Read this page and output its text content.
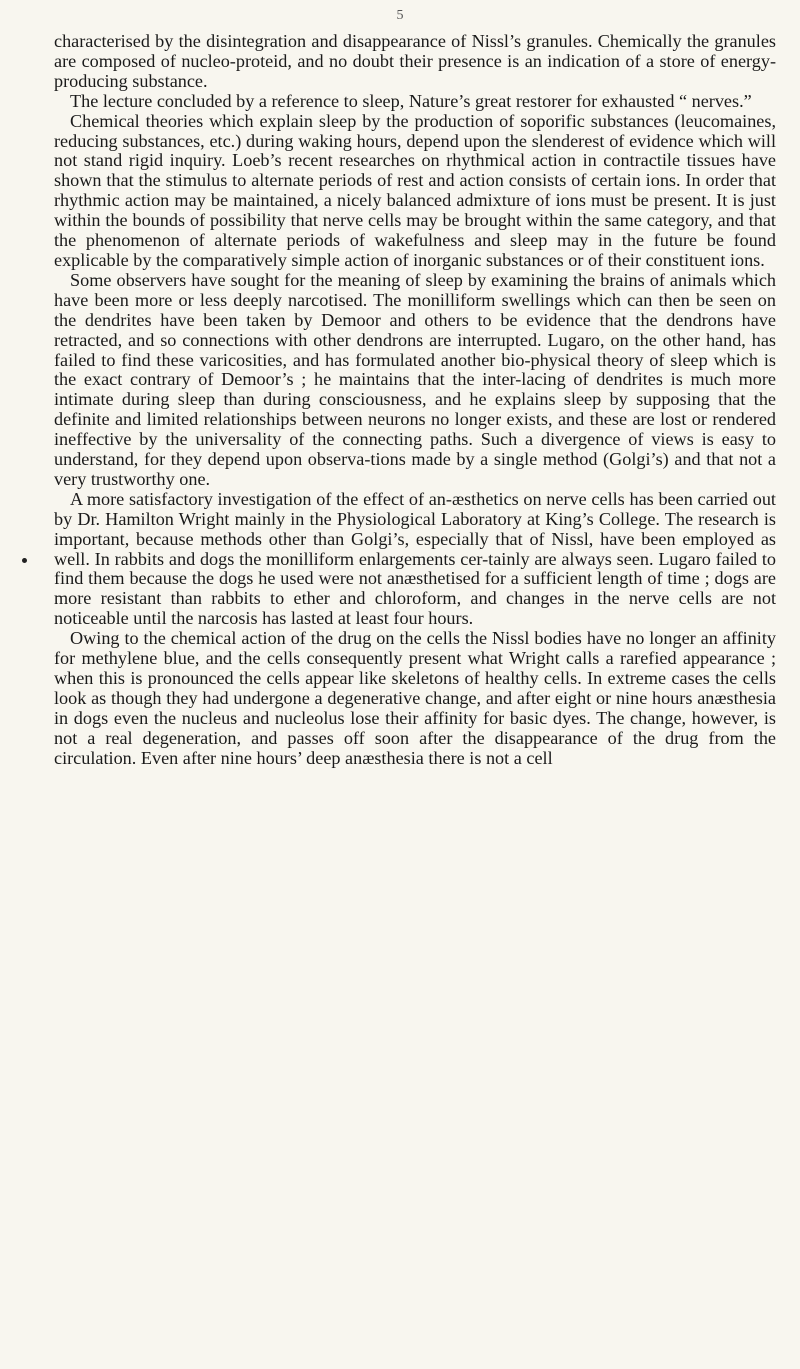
5

characterised by the disintegration and disappearance of Nissl’s granules. Chemically the granules are composed of nucleo-proteid, and no doubt their presence is an indication of a store of energy-producing substance.

The lecture concluded by a reference to sleep, Nature’s great restorer for exhausted “ nerves.”

Chemical theories which explain sleep by the production of soporific substances (leucomaines, reducing substances, etc.) during waking hours, depend upon the slenderest of evidence which will not stand rigid inquiry. Loeb’s recent researches on rhythmical action in contractile tissues have shown that the stimulus to alternate periods of rest and action consists of certain ions. In order that rhythmic action may be maintained, a nicely balanced admixture of ions must be present. It is just within the bounds of possibility that nerve cells may be brought within the same category, and that the phenomenon of alternate periods of wakefulness and sleep may in the future be found explicable by the comparatively simple action of inorganic substances or of their constituent ions.

Some observers have sought for the meaning of sleep by examining the brains of animals which have been more or less deeply narcotised. The monilliform swellings which can then be seen on the dendrites have been taken by Demoor and others to be evidence that the dendrons have retracted, and so connections with other dendrons are interrupted. Lugaro, on the other hand, has failed to find these varicosities, and has formulated another bio-physical theory of sleep which is the exact contrary of Demoor’s ; he maintains that the inter-lacing of dendrites is much more intimate during sleep than during consciousness, and he explains sleep by supposing that the definite and limited relationships between neurons no longer exists, and these are lost or rendered ineffective by the universality of the connecting paths. Such a divergence of views is easy to understand, for they depend upon observa-tions made by a single method (Golgi’s) and that not a very trustworthy one.

A more satisfactory investigation of the effect of an-æsthetics on nerve cells has been carried out by Dr. Hamilton Wright mainly in the Physiological Laboratory at King’s College. The research is important, because methods other than Golgi’s, especially that of Nissl, have been employed as well. In rabbits and dogs the monilliform enlargements cer-tainly are always seen. Lugaro failed to find them because the dogs he used were not anæsthetised for a sufficient length of time ; dogs are more resistant than rabbits to ether and chloroform, and changes in the nerve cells are not noticeable until the narcosis has lasted at least four hours.

Owing to the chemical action of the drug on the cells the Nissl bodies have no longer an affinity for methylene blue, and the cells consequently present what Wright calls a rarefied appearance ; when this is pronounced the cells appear like skeletons of healthy cells. In extreme cases the cells look as though they had undergone a degenerative change, and after eight or nine hours anæsthesia in dogs even the nucleus and nucleolus lose their affinity for basic dyes. The change, however, is not a real degeneration, and passes off soon after the disappearance of the drug from the circulation. Even after nine hours’ deep anæsthesia there is not a cell
